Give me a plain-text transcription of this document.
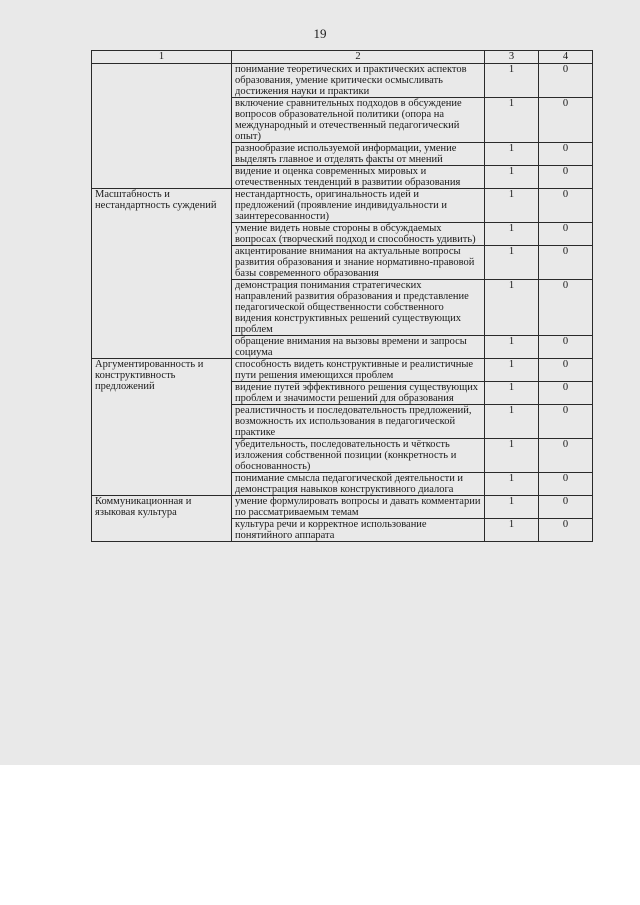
19
1	2	3	4
	понимание теоретических и практических аспектов образования, умение критически осмысливать достижения науки и практики	1	0
	включение сравнительных подходов в обсуждение вопросов образовательной политики (опора на международный и отечественный педагогический опыт)	1	0
	разнообразие используемой информации, умение выделять главное и отделять факты от мнений	1	0
	видение и оценка современных мировых и отечественных тенденций в развитии образования	1	0
Масштабность и нестандартность суждений	нестандартность, оригинальность идей и предложений (проявление индивидуальности и заинтересованности)	1	0
	умение видеть новые стороны в обсуждаемых вопросах (творческий подход и способность удивить)	1	0
	акцентирование внимания на актуальные вопросы развития образования и знание нормативно-правовой базы современного образования	1	0
	демонстрация понимания стратегических направлений развития образования и представление педагогической общественности собственного видения конструктивных решений существующих проблем	1	0
	обращение внимания на вызовы времени и запросы социума	1	0
Аргументированность и конструктивность предложений	способность видеть конструктивные и реалистичные пути решения имеющихся проблем	1	0
	видение путей эффективного решения существующих проблем и значимости решений для образования	1	0
	реалистичность и последовательность предложений, возможность их использования в педагогической практике	1	0
	убедительность, последовательность и чёткость изложения собственной позиции (конкретность и обоснованность)	1	0
	понимание смысла педагогической деятельности и демонстрация навыков конструктивного диалога	1	0
Коммуникационная и языковая культура	умение формулировать вопросы и давать комментарии по рассматриваемым темам	1	0
	культура речи и корректное использование понятийного аппарата	1	0
